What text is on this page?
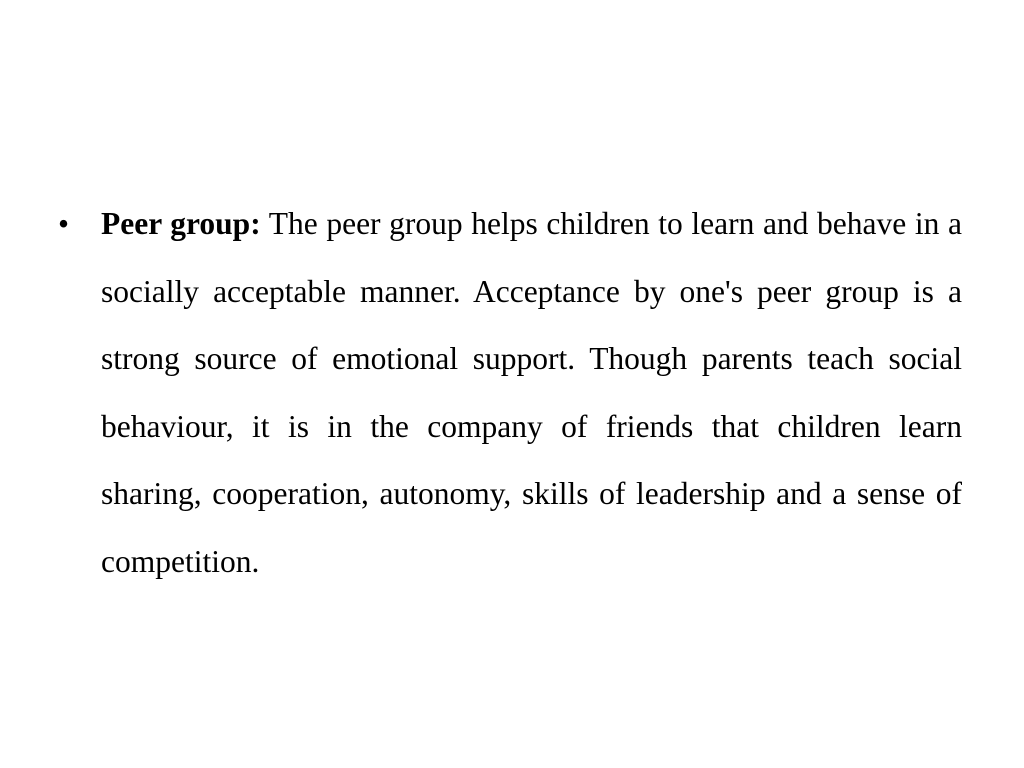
• Peer group: The peer group helps children to learn and behave in a socially acceptable manner. Acceptance by one's peer group is a strong source of emotional support. Though parents teach social behaviour, it is in the company of friends that children learn sharing, cooperation, autonomy, skills of leadership and a sense of competition.
